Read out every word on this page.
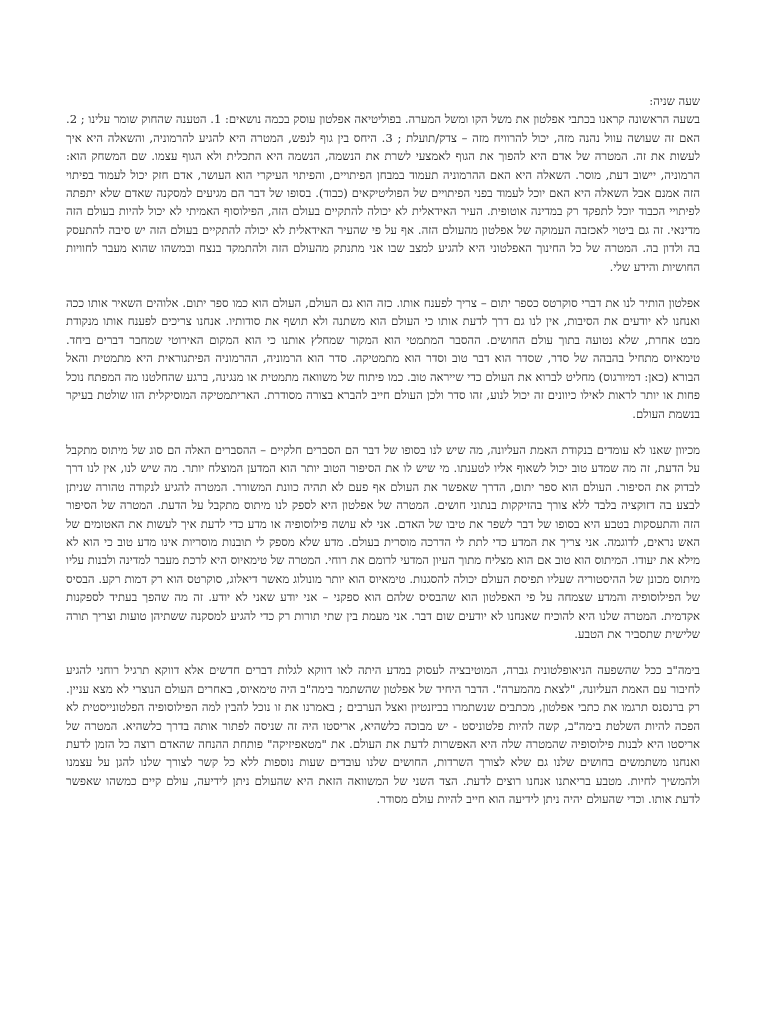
שעה שניה:

בשעה הראשונה קראנו בכתבי אפלטון את משל הקו ומשל המערה. בפוליטיאה אפלטון עוסק בכמה נושאים: 1. הטענה שהחוק שומר עלינו ; 2. האם זה שעושה עוול נהנה מזה, יכול להרוויח מזה – צדק/תועלת ; 3. היחס בין גוף לנפש, המטרה היא להגיע להרמוניה, והשאלה היא איך לעשות את זה. המטרה של אדם היא להפוך את הגוף לאמצעי לשרת את הנשמה, הנשמה היא התכלית ולא הגוף עצמו. שם המשחק הוא: הרמוניה, יישוב דעת, מוסר. השאלה היא האם ההרמוניה תעמוד במבחן הפיתויים, והפיתוי העיקרי הוא העושר, אדם חזק יכול לעמוד בפיתוי הזה אמנם אבל השאלה היא האם יוכל לעמוד בפני הפיתויים של הפוליטיקאים (כבוד). בסופו של דבר הם מגיעים למסקנה שאדם שלא יתפתה לפיתויי הכבוד יוכל לתפקד רק במדינה אוטופית. העיר האידאלית לא יכולה להתקיים בעולם הזה, הפילוסוף האמיתי לא יכול להיות בעולם הזה מדינאי. זה גם ביטוי לאכזבה העמוקה של אפלטון מהעולם הזה. אף על פי שהעיר האידאלית לא יכולה להתקיים בעולם הזה יש סיבה להתעסק בה ולדון בה. המטרה של כל החינוך האפלטוני היא להגיע למצב שבו אני מתנתק מהעולם הזה ולהתמקד בנצח ובמשהו שהוא מעבר לחוויות החושיות והידע שלי.

אפלטון הותיר לנו את דברי סוקרטס כספר יתום – צריך לפענח אותו. כזה הוא גם העולם, העולם הוא כמו ספר יתום. אלוהים השאיר אותו ככה ואנחנו לא יודעים את הסיבות, אין לנו גם דרך לדעת אותו כי העולם הוא משתנה ולא תושף את סודותיו. אנחנו צריכים לפענח אותו מנקודת מבט אחרת, שלא נטועה בתוך עולם החושים. ההסבר המתמטי הוא המקור שמחלץ אותנו כי הוא המקום האירוטי שמחבר דברים ביחד. טימאיוס מתחיל בהבהה של סדר, שסדר הוא דבר טוב וסדר הוא מתמטיקה. סדר הוא הרמוניה, ההרמוניה הפיתגוראית היא מתמטית והאל הבורא (כאן: דמיורגוס) מחליט לברוא את העולם כדי שייראה טוב. כמו פיתוח של משוואה מתמטית או מנגינה, ברגע שהחלטנו מה המפתח נוכל פחות או יותר לראות לאילו כיוונים זה יכול לנוע, זהו סדר ולכן העולם חייב להברא בצורה מסודרת. האריתמטיקה המוסיקלית הזו שולטת בעיקר בנשמת העולם.

מכיוון שאנו לא עומדים בנקודת האמת העליונה, מה שיש לנו בסופו של דבר הם הסברים חלקיים – ההסברים האלה הם סוג של מיתוס מתקבל על הדעת, זה מה שמדע טוב יכול לשאוף אליו לטענתו. מי שיש לו את הסיפור הטוב יותר הוא המדען המוצלח יותר. מה שיש לנו, אין לנו דרך לבדוק את הסיפור. העולם הוא ספר יתום, הדרך שאפשר את העולם אף פעם לא תהיה כוונת המשורר. המטרה להגיע לנקודה טהורה שניתן לבצע בה דזוקציה בלבד ללא צורך בהזיקקות בנתוני חושים. המטרה של אפלטון היא לספק לנו מיתוס מתקבל על הדעת. המטרה של הסיפור הזה והתעסקות בטבע היא בסופו של דבר לשפר את טיבו של האדם. אני לא עושה פילוסופיה או מדע כדי לדעת איך לעשות את האטומים של האש נראים, לדוגמה. אני צריך את המדע כדי לתת לי הדרכה מוסרית בעולם. מדע שלא מספק לי תובנות מוסריות אינו מדע טוב כי הוא לא מילא את יעודו. המיתוס הוא טוב אם הוא מצליח מתוך העיון המדעי לרומם את רוחי. המטרה של טימאיוס היא לרכת מעבר למדינה ולבנות עליו מיתוס מכונן של ההיסטוריה שעליו תפיסת העולם יכולה להסגנות. טימאיוס הוא יותר מונולוג מאשר דיאלוג, סוקרטס הוא רק דמות רקע. הבסיס של הפילוסופיה והמדע שצמחה על פי האפלטון הוא שהבסיס שלהם הוא ספקני – אני יודע שאני לא יודע. זה מה שהפך בעתיד לספקנות אקדמית. המטרה שלנו היא להוכיח שאנחנו לא יודעים שום דבר. אני מעמת בין שתי תורות רק כדי להגיע למסקנה ששתיהן טועות וצריך תורה שלישית שתסביר את הטבע.

בימה"ב ככל שהשפעה הניאופלטונית גברה, המוטיבציה לעסוק במדע היתה לאו דווקא לגלות דברים חדשים אלא דווקא תרגיל רוחני להגיע לחיבור עם האמת העליונה, "לצאת מהמערה". הדבר היחיד של אפלטון שהשתמר בימה"ב היה טימאיוס, באחרים העולם הנוצרי לא מצא עניין. רק ברנסנס תרגמו את כתבי אפלטון, מכתבים שנשתמרו בביזנטיון ואצל הערבים ; באמרנו את זו נוכל להבין למה הפילוסופיה הפלטונייסטית לא הפכה להיות השלטת בימה"ב, קשה להיות פלטוניסט - יש מבוכה כלשהיא, אריסטו היה זה שניסה לפתור אותה בדרך כלשהיא. המטרה של אריסטו היא לבנות פילוסופיה שהמטרה שלה היא האפשרות לדעת את העולם. את "מטאפיזיקה" פותחת ההנחה שהאדם רוצה כל הזמן לדעת ואנחנו משתמשים בחושים שלנו גם שלא לצורך השרדות, החושים שלנו עובדים שעות נוספות ללא כל קשר לצורך שלנו להגן על עצמנו ולהמשיך לחיות. מטבע בריאתנו אנחנו רוצים לדעת. הצד השני של המשוואה הזאת היא שהעולם ניתן לידיעה, עולם קיים כמשהו שאפשר לדעת אותו. וכדי שהעולם יהיה ניתן לידיעה הוא חייב להיות עולם מסודר.
